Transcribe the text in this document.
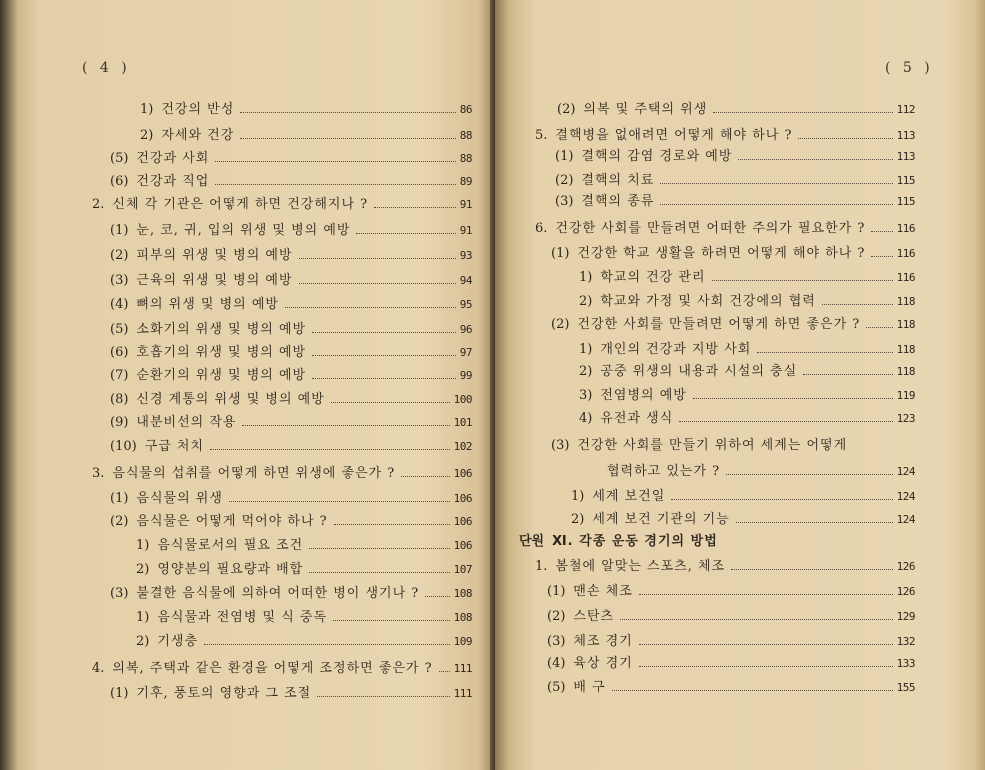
( 4 )
1) 건강의 반성	86
2) 자세와 건강	88
(5) 건강과 사회	88
(6) 건강과 직업	89
2. 신체 각 기관은 어떻게 하면 건강해지나 ?	91
(1) 눈, 코, 귀, 입의 위생 및 병의 예방	91
(2) 피부의 위생 및 병의 예방	93
(3) 근육의 위생 및 병의 예방	94
(4) 뼈의 위생 및 병의 예방	95
(5) 소화기의 위생 및 병의 예방	96
(6) 호흡기의 위생 및 병의 예방	97
(7) 순환기의 위생 및 병의 예방	99
(8) 신경 계통의 위생 및 병의 예방	100
(9) 내분비선의 작용	101
(10) 구급 처치	102
3. 음식물의 섭취를 어떻게 하면 위생에 좋은가 ?	106
(1) 음식물의 위생	106
(2) 음식물은 어떻게 먹어야 하나 ?	106
1) 음식물로서의 필요 조건	106
2) 영양분의 필요량과 배합	107
(3) 불결한 음식물에 의하여 어떠한 병이 생기나 ?	108
1) 음식물과 전염병 및 식 중독	108
2) 기생충	109
4. 의복, 주택과 같은 환경을 어떻게 조정하면 좋은가 ? 111
(1) 기후, 풍토의 영향과 그 조절	111
( 5 )
(2) 의복 및 주택의 위생	112
5. 결핵병을 없애려면 어떻게 해야 하나 ?	113
(1) 결핵의 감염 경로와 예방	113
(2) 결핵의 치료	115
(3) 결핵의 종류	115
6. 건강한 사회를 만들려면 어떠한 주의가 필요한가 ?	116
(1) 건강한 학교 생활을 하려면 어떻게 해야 하나 ?	116
1) 학교의 건강 관리	116
2) 학교와 가정 및 사회 건강에의 협력	118
(2) 건강한 사회를 만들려면 어떻게 하면 좋은가 ?	118
1) 개인의 건강과 지방 사회	118
2) 공중 위생의 내용과 시설의 충실	118
3) 전염병의 예방	119
4) 유전과 생식	123
(3) 건강한 사회를 만들기 위하여 세계는 어떻게
협력하고 있는가 ?	124
1) 세계 보건일	124
2) 세계 보건 기관의 기능	124
단원 Ⅺ. 각종 운동 경기의 방법
1. 봄철에 알맞는 스포츠, 체조	126
(1) 맨손 체조	126
(2) 스탄츠	129
(3) 체조 경기	132
(4) 육상 경기	133
(5) 배 구	155
